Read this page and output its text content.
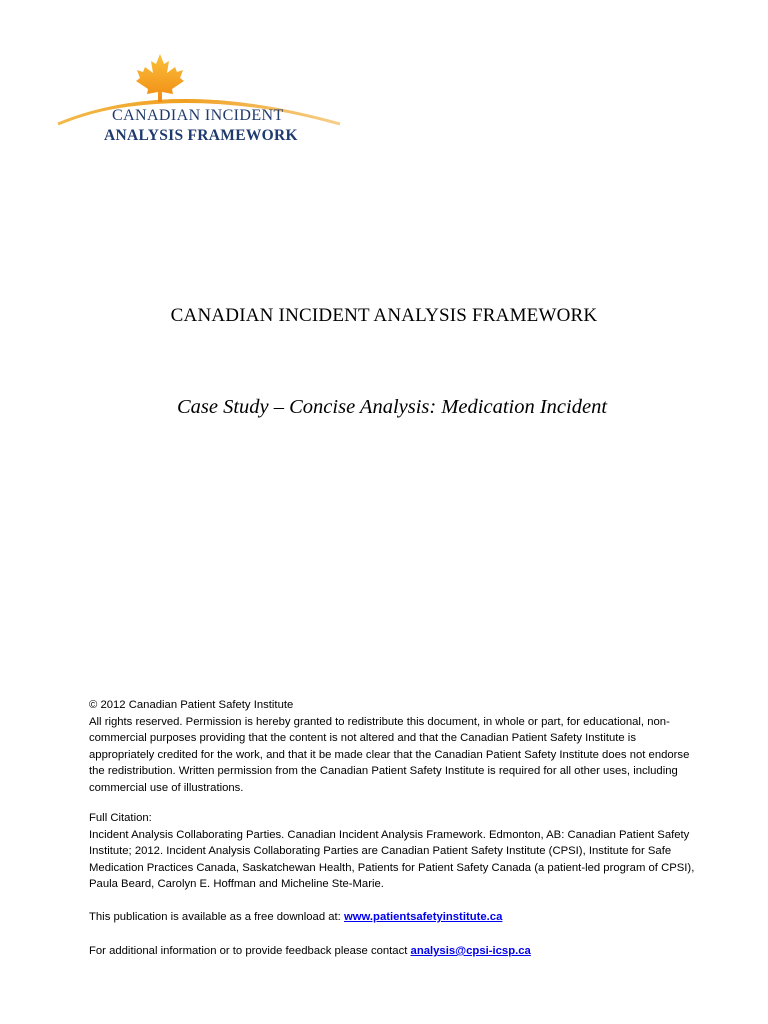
CANADIAN INCIDENT
ANALYSIS FRAMEWORK
CANADIAN INCIDENT ANALYSIS FRAMEWORK
Case Study – Concise Analysis: Medication Incident

© 2012 Canadian Patient Safety Institute

All rights reserved. Permission is hereby granted to redistribute this document, in whole or part, for educational, non-commercial purposes providing that the content is not altered and that the Canadian Patient Safety Institute is appropriately credited for the work, and that it be made clear that the Canadian Patient Safety Institute does not endorse the redistribution. Written permission from the Canadian Patient Safety Institute is required for all other uses, including commercial use of illustrations.

Full Citation:

Incident Analysis Collaborating Parties. Canadian Incident Analysis Framework. Edmonton, AB: Canadian Patient Safety Institute; 2012. Incident Analysis Collaborating Parties are Canadian Patient Safety Institute (CPSI), Institute for Safe Medication Practices Canada, Saskatchewan Health, Patients for Patient Safety Canada (a patient-led program of CPSI), Paula Beard, Carolyn E. Hoffman and Micheline Ste-Marie.

This publication is available as a free download at: www.patientsafetyinstitute.ca
For additional information or to provide feedback please contact analysis@cpsi-icsp.ca
